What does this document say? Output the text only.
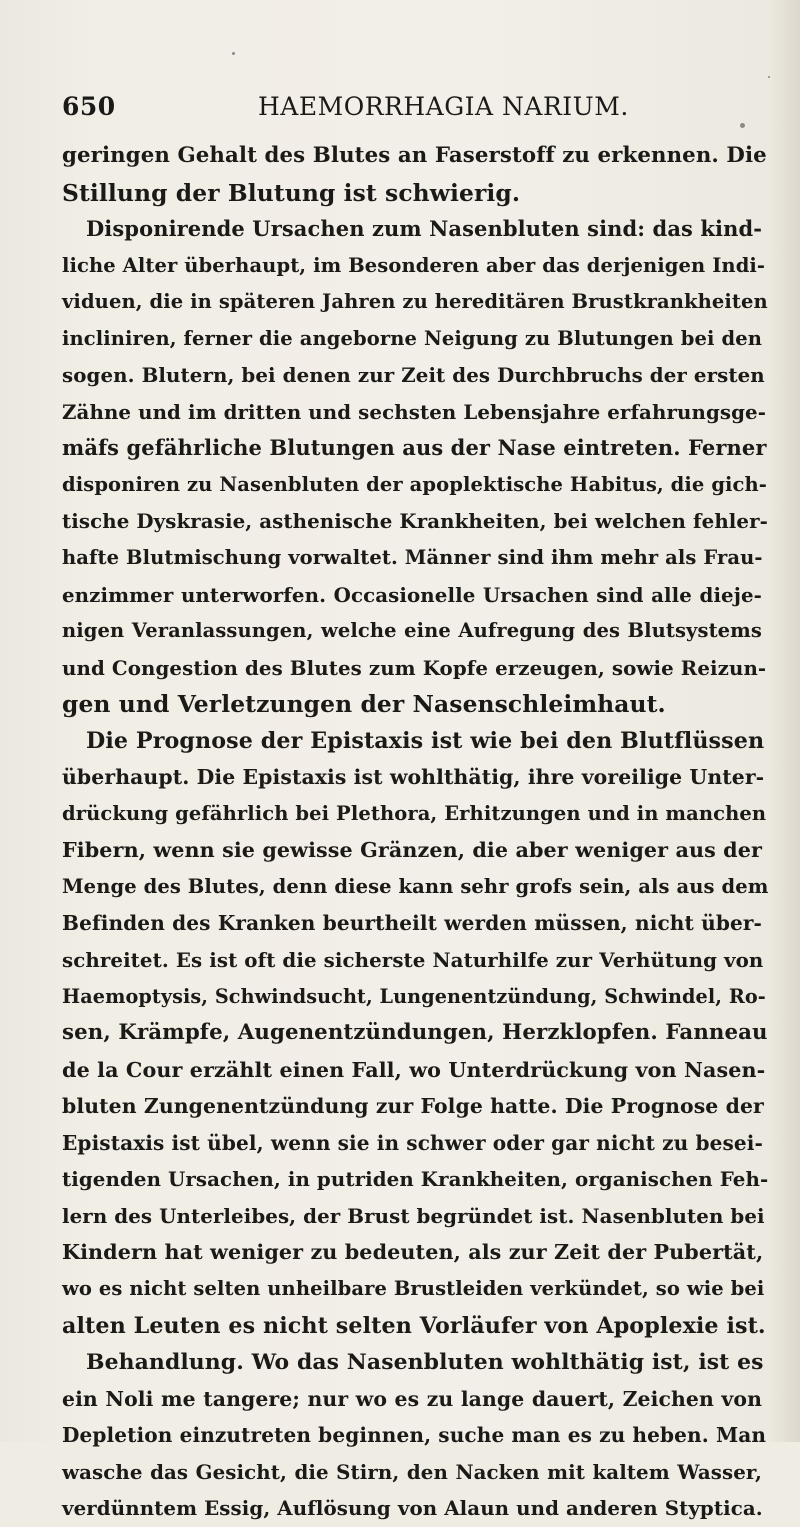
650	HAEMORRHAGIA NARIUM.
geringen Gehalt des Blutes an Faserstoff zu erkennen. Die
Stillung der Blutung ist schwierig.
Disponirende Ursachen zum Nasenbluten sind: das kind-
liche Alter überhaupt, im Besonderen aber das derjenigen Indi-
viduen, die in späteren Jahren zu hereditären Brustkrankheiten
incliniren, ferner die angeborne Neigung zu Blutungen bei den
sogen. Blutern, bei denen zur Zeit des Durchbruchs der ersten
Zähne und im dritten und sechsten Lebensjahre erfahrungsge-
mäfs gefährliche Blutungen aus der Nase eintreten. Ferner
disponiren zu Nasenbluten der apoplektische Habitus, die gich-
tische Dyskrasie, asthenische Krankheiten, bei welchen fehler-
hafte Blutmischung vorwaltet. Männer sind ihm mehr als Frau-
enzimmer unterworfen. Occasionelle Ursachen sind alle dieje-
nigen Veranlassungen, welche eine Aufregung des Blutsystems
und Congestion des Blutes zum Kopfe erzeugen, sowie Reizun-
gen und Verletzungen der Nasenschleimhaut.
Die Prognose der Epistaxis ist wie bei den Blutflüssen
überhaupt. Die Epistaxis ist wohlthätig, ihre voreilige Unter-
drückung gefährlich bei Plethora, Erhitzungen und in manchen
Fibern, wenn sie gewisse Gränzen, die aber weniger aus der
Menge des Blutes, denn diese kann sehr grofs sein, als aus dem
Befinden des Kranken beurtheilt werden müssen, nicht über-
schreitet. Es ist oft die sicherste Naturhilfe zur Verhütung von
Haemoptysis, Schwindsucht, Lungenentzündung, Schwindel, Ro-
sen, Krämpfe, Augenentzündungen, Herzklopfen. Fanneau
de la Cour erzählt einen Fall, wo Unterdrückung von Nasen-
bluten Zungenentzündung zur Folge hatte. Die Prognose der
Epistaxis ist übel, wenn sie in schwer oder gar nicht zu besei-
tigenden Ursachen, in putriden Krankheiten, organischen Feh-
lern des Unterleibes, der Brust begründet ist. Nasenbluten bei
Kindern hat weniger zu bedeuten, als zur Zeit der Pubertät,
wo es nicht selten unheilbare Brustleiden verkündet, so wie bei
alten Leuten es nicht selten Vorläufer von Apoplexie ist.
Behandlung. Wo das Nasenbluten wohlthätig ist, ist es
ein Noli me tangere; nur wo es zu lange dauert, Zeichen von
Depletion einzutreten beginnen, suche man es zu heben. Man
wasche das Gesicht, die Stirn, den Nacken mit kaltem Wasser,
verdünntem Essig, Auflösung von Alaun und anderen Styptica.
